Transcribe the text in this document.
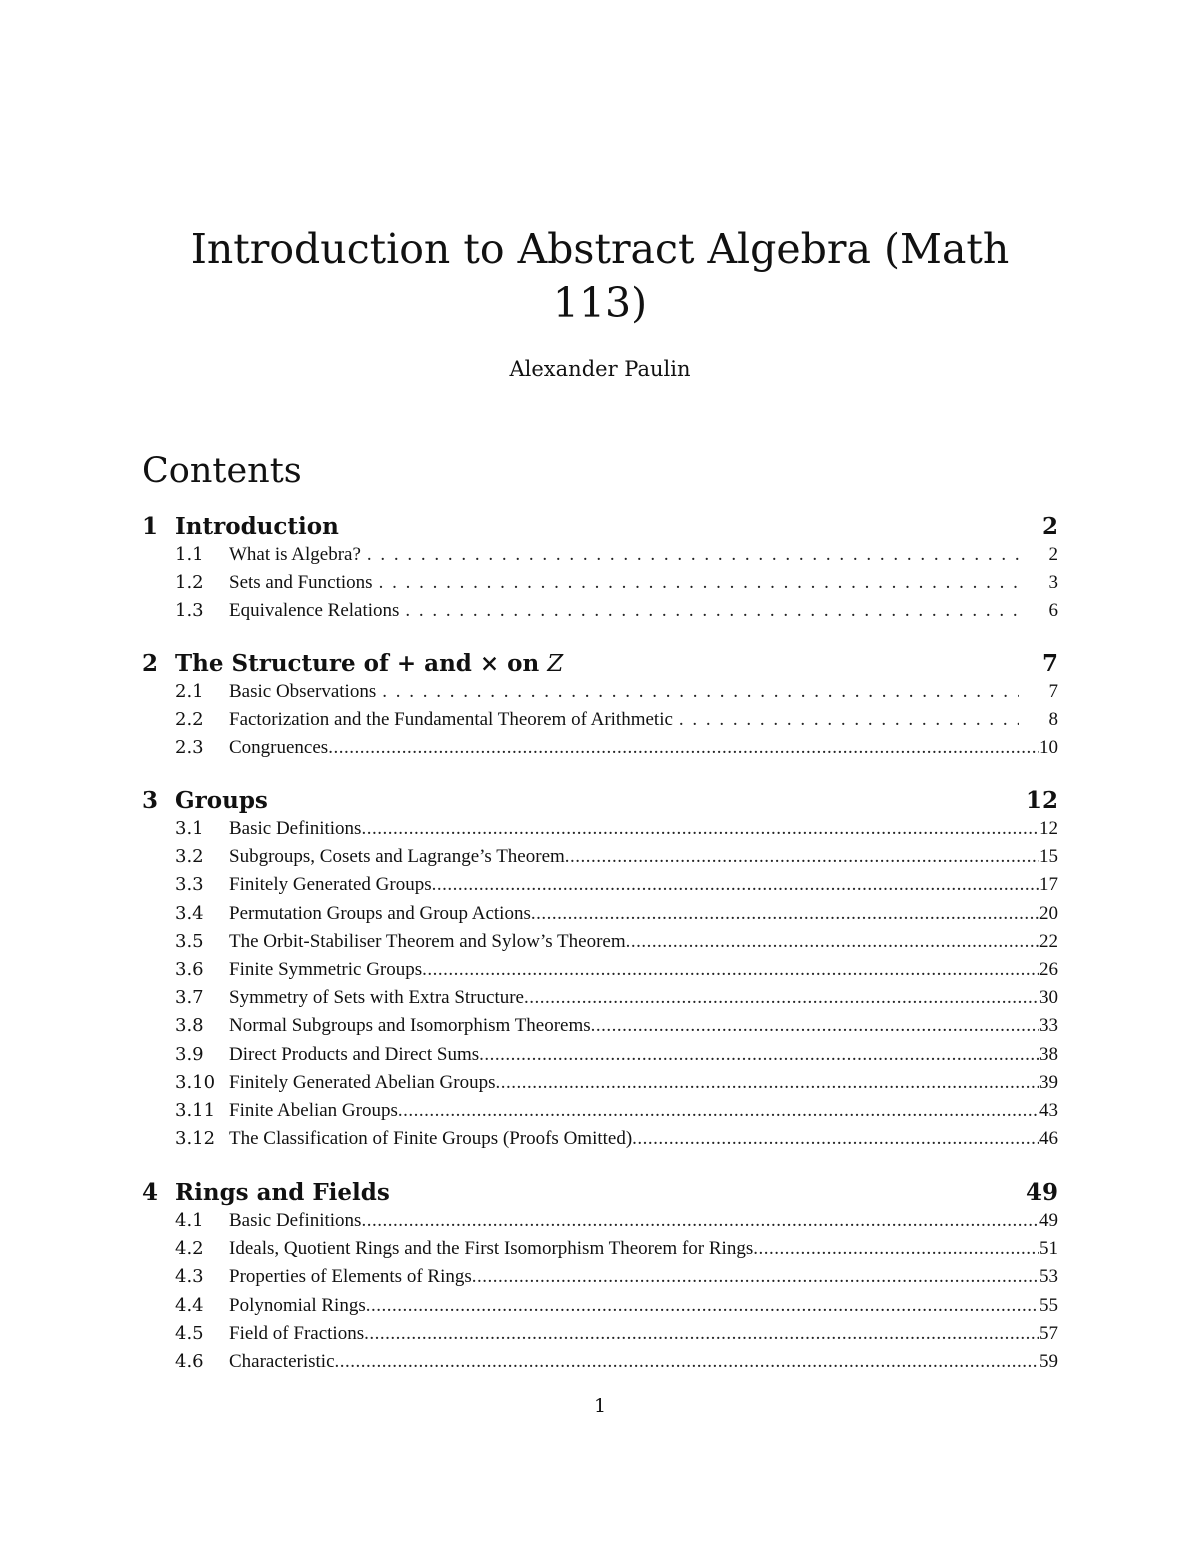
Introduction to Abstract Algebra (Math
113)
Alexander Paulin
Contents
1 Introduction	2
1.1 What is Algebra? . . .	2
1.2 Sets and Functions . . .	3
1.3 Equivalence Relations . . .	6
2 The Structure of + and × on Z	7
2.1 Basic Observations . . .	7
2.2 Factorization and the Fundamental Theorem of Arithmetic . . .	8
2.3 Congruences .....	10
3 Groups	12
3.1 Basic Definitions .....	12
3.2 Subgroups, Cosets and Lagrange’s Theorem .....	15
3.3 Finitely Generated Groups .....	17
3.4 Permutation Groups and Group Actions .....	20
3.5 The Orbit-Stabiliser Theorem and Sylow’s Theorem .....	22
3.6 Finite Symmetric Groups .....	26
3.7 Symmetry of Sets with Extra Structure .....	30
3.8 Normal Subgroups and Isomorphism Theorems .....	33
3.9 Direct Products and Direct Sums .....	38
3.10 Finitely Generated Abelian Groups .....	39
3.11 Finite Abelian Groups .....	43
3.12 The Classification of Finite Groups (Proofs Omitted) .....	46
4 Rings and Fields	49
4.1 Basic Definitions .....	49
4.2 Ideals, Quotient Rings and the First Isomorphism Theorem for Rings .....	51
4.3 Properties of Elements of Rings .....	53
4.4 Polynomial Rings .....	55
4.5 Field of Fractions .....	57
4.6 Characteristic .....	59
1
